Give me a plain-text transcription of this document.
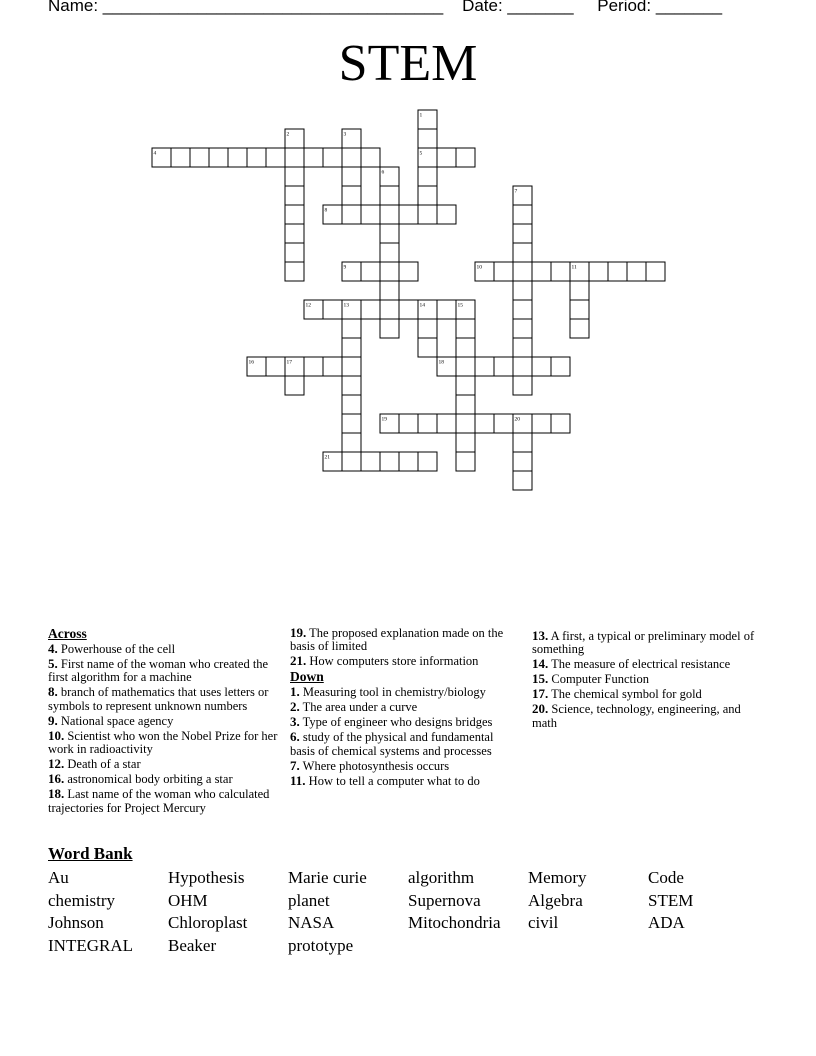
Name: ____________________________________ Date: _______ Period: _______
STEM
1
2	3
4	5
6
7
8
9	10	11
12	13	14	15
16	17	18
19	20
21
Across
4. Powerhouse of the cell
5. First name of the woman who created the first algorithm for a machine
8. branch of mathematics that uses letters or symbols to represent unknown numbers
9. National space agency
10. Scientist who won the Nobel Prize for her work in radioactivity
12. Death of a star
16. astronomical body orbiting a star
18. Last name of the woman who calculated trajectories for Project Mercury
19. The proposed explanation made on the basis of limited
21. How computers store information
Down
1. Measuring tool in chemistry/biology
2. The area under a curve
3. Type of engineer who designs bridges
6. study of the physical and fundamental basis of chemical systems and processes
7. Where photosynthesis occurs
11. How to tell a computer what to do
13. A first, a typical or preliminary model of something
14. The measure of electrical resistance
15. Computer Function
17. The chemical symbol for gold
20. Science, technology, engineering, and math
Word Bank
Au	Hypothesis	Marie curie	algorithm	Memory	Code
chemistry	OHM	planet	Supernova	Algebra	STEM
Johnson	Chloroplast	NASA	Mitochondria	civil	ADA
INTEGRAL	Beaker	prototype
